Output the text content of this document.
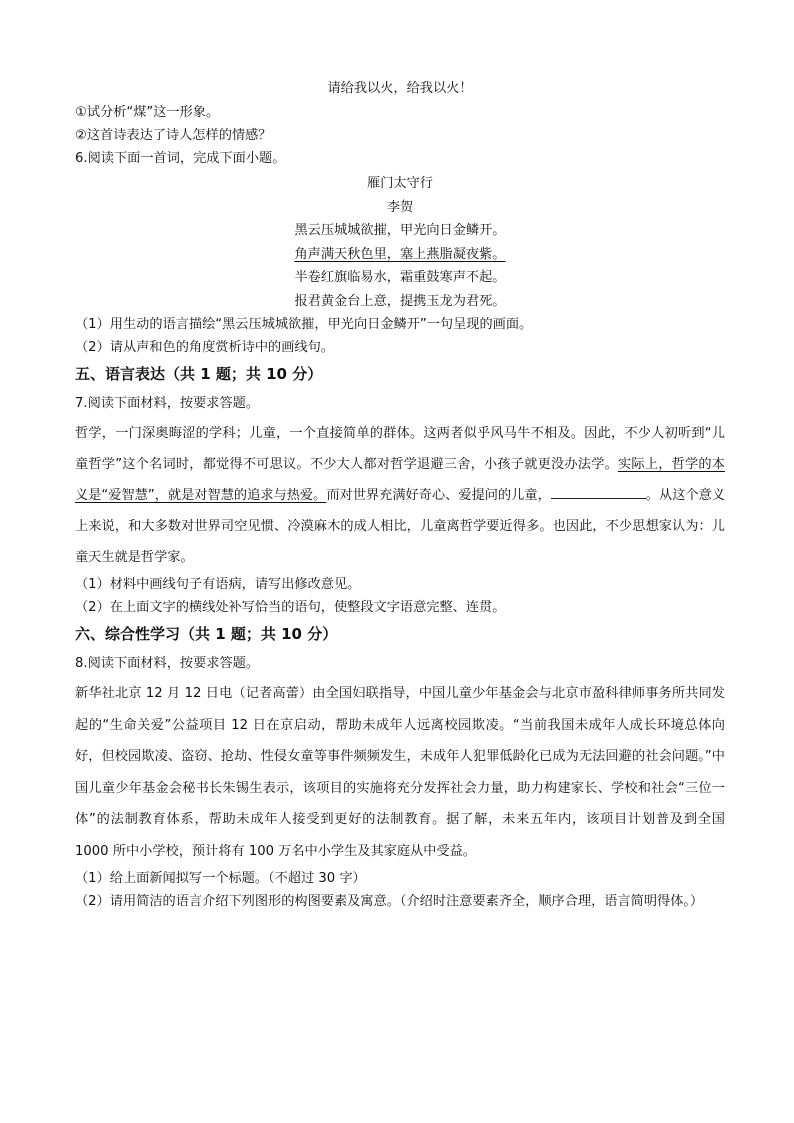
请给我以火，给我以火！
①试分析“煤”这一形象。
②这首诗表达了诗人怎样的情感？
6.阅读下面一首词，完成下面小题。
雁门太守行
李贺
黑云压城城欲摧，甲光向日金鳞开。
角声满天秋色里，塞上燕脂凝夜紫。
半卷红旗临易水，霜重鼓寒声不起。
报君黄金台上意，提携玉龙为君死。
（1）用生动的语言描绘“黑云压城城欲摧，甲光向日金鳞开”一句呈现的画面。
（2）请从声和色的角度赏析诗中的画线句。
五、语言表达（共 1 题；共 10 分）
7.阅读下面材料，按要求答题。
哲学，一门深奥晦涩的学科；儿童，一个直接简单的群体。这两者似乎风马牛不相及。因此，不少人初听到“儿童哲学”这个名词时，都觉得不可思议。不少大人都对哲学退避三舍，小孩子就更没办法学。实际上，哲学的本义是“爱智慧”，就是对智慧的追求与热爱。而对世界充满好奇心、爱提问的儿童，	。从这个意义上来说，和大多数对世界司空见惯、冷漠麻木的成人相比，儿童离哲学要近得多。也因此，不少思想家认为：儿童天生就是哲学家。
（1）材料中画线句子有语病，请写出修改意见。
（2）在上面文字的横线处补写恰当的语句，使整段文字语意完整、连贯。
六、综合性学习（共 1 题；共 10 分）
8.阅读下面材料，按要求答题。
新华社北京 12 月 12 日电（记者高蕾）由全国妇联指导，中国儿童少年基金会与北京市盈科律师事务所共同发起的“生命关爱”公益项目 12 日在京启动，帮助未成年人远离校园欺凌。“当前我国未成年人成长环境总体向好，但校园欺凌、盗窃、抢劫、性侵女童等事件频频发生，未成年人犯罪低龄化已成为无法回避的社会问题。”中国儿童少年基金会秘书长朱锡生表示，该项目的实施将充分发挥社会力量，助力构建家长、学校和社会“三位一体”的法制教育体系，帮助未成年人接受到更好的法制教育。据了解，未来五年内，该项目计划普及到全国 1000 所中小学校，预计将有 100 万名中小学生及其家庭从中受益。
（1）给上面新闻拟写一个标题。（不超过 30 字）
（2）请用简洁的语言介绍下列图形的构图要素及寓意。（介绍时注意要素齐全，顺序合理，语言简明得体。）
